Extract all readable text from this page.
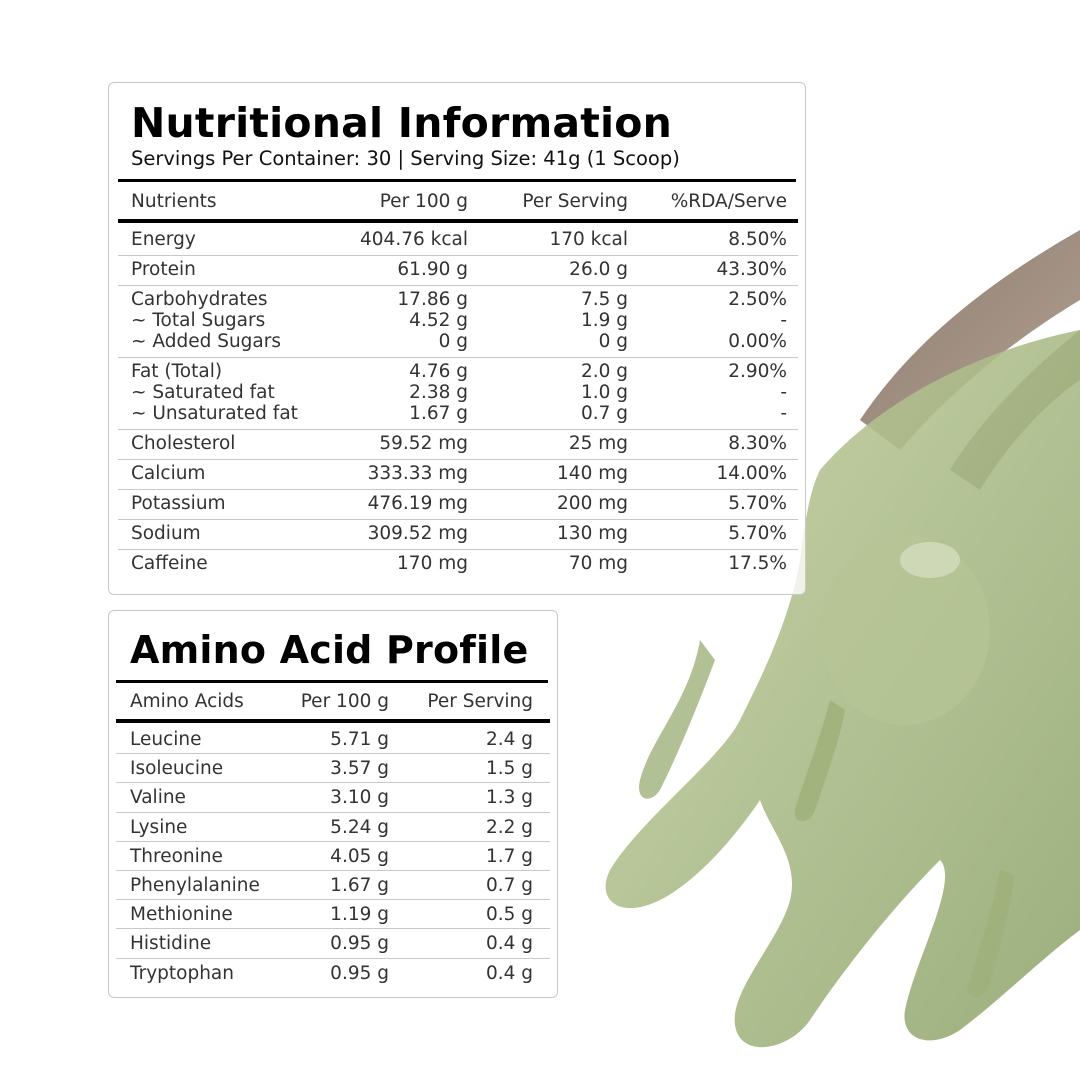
Nutritional Information
Servings Per Container: 30 | Serving Size: 41g (1 Scoop)
Nutrients	Per 100 g	Per Serving	%RDA/Serve
Energy	404.76 kcal	170 kcal	8.50%
Protein	61.90 g	26.0 g	43.30%
Carbohydrates	17.86 g	7.5 g	2.50%
~ Total Sugars	4.52 g	1.9 g	-
~ Added Sugars	0 g	0 g	0.00%
Fat (Total)	4.76 g	2.0 g	2.90%
~ Saturated fat	2.38 g	1.0 g	-
~ Unsaturated fat	1.67 g	0.7 g	-
Cholesterol	59.52 mg	25 mg	8.30%
Calcium	333.33 mg	140 mg	14.00%
Potassium	476.19 mg	200 mg	5.70%
Sodium	309.52 mg	130 mg	5.70%
Caffeine	170 mg	70 mg	17.5%
Amino Acid Profile
Amino Acids	Per 100 g	Per Serving
Leucine	5.71 g	2.4 g
Isoleucine	3.57 g	1.5 g
Valine	3.10 g	1.3 g
Lysine	5.24 g	2.2 g
Threonine	4.05 g	1.7 g
Phenylalanine	1.67 g	0.7 g
Methionine	1.19 g	0.5 g
Histidine	0.95 g	0.4 g
Tryptophan	0.95 g	0.4 g
